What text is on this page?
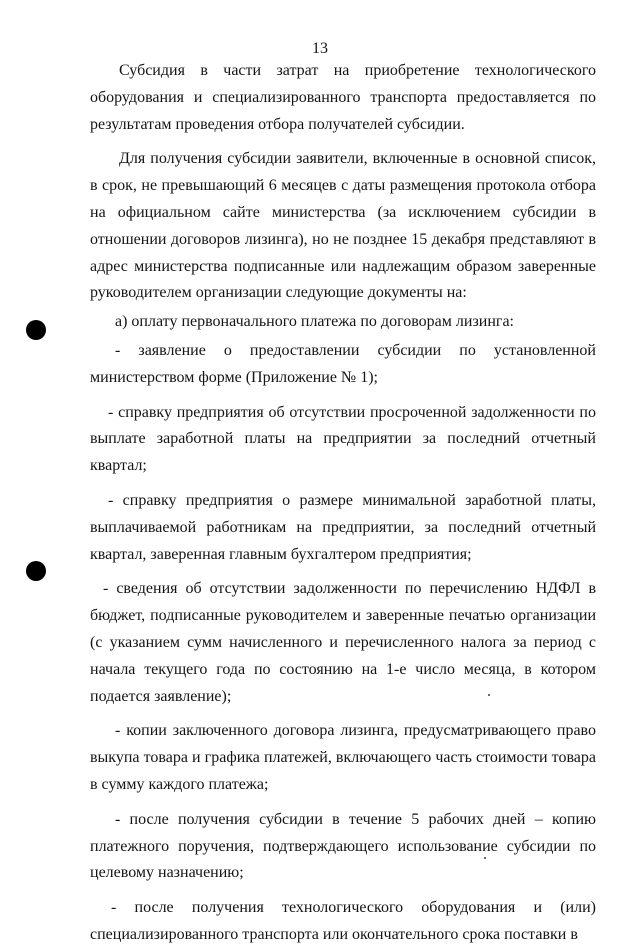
13

Субсидия в части затрат на приобретение технологического оборудования и специализированного транспорта предоставляется по результатам проведения отбора получателей субсидии.

Для получения субсидии заявители, включенные в основной список, в срок, не превышающий 6 месяцев с даты размещения протокола отбора на официальном сайте министерства (за исключением субсидии в отношении договоров лизинга), но не позднее 15 декабря представляют в адрес министерства подписанные или надлежащим образом заверенные руководителем организации следующие документы на:

а) оплату первоначального платежа по договорам лизинга:

- заявление о предоставлении субсидии по установленной министерством форме (Приложение № 1);

- справку предприятия об отсутствии просроченной задолженности по выплате заработной платы на предприятии за последний отчетный квартал;

- справку предприятия о размере минимальной заработной платы, выплачиваемой работникам на предприятии, за последний отчетный квартал, заверенная главным бухгалтером предприятия;

- сведения об отсутствии задолженности по перечислению НДФЛ в бюджет, подписанные руководителем и заверенные печатью организации (с указанием сумм начисленного и перечисленного налога за период с начала текущего года по состоянию на 1-е число месяца, в котором подается заявление);

- копии заключенного договора лизинга, предусматривающего право выкупа товара и графика платежей, включающего часть стоимости товара в сумму каждого платежа;

- после получения субсидии в течение 5 рабочих дней – копию платежного поручения, подтверждающего использование субсидии по целевому назначению;

- после получения технологического оборудования и (или) специализированного транспорта или окончательного срока поставки в
